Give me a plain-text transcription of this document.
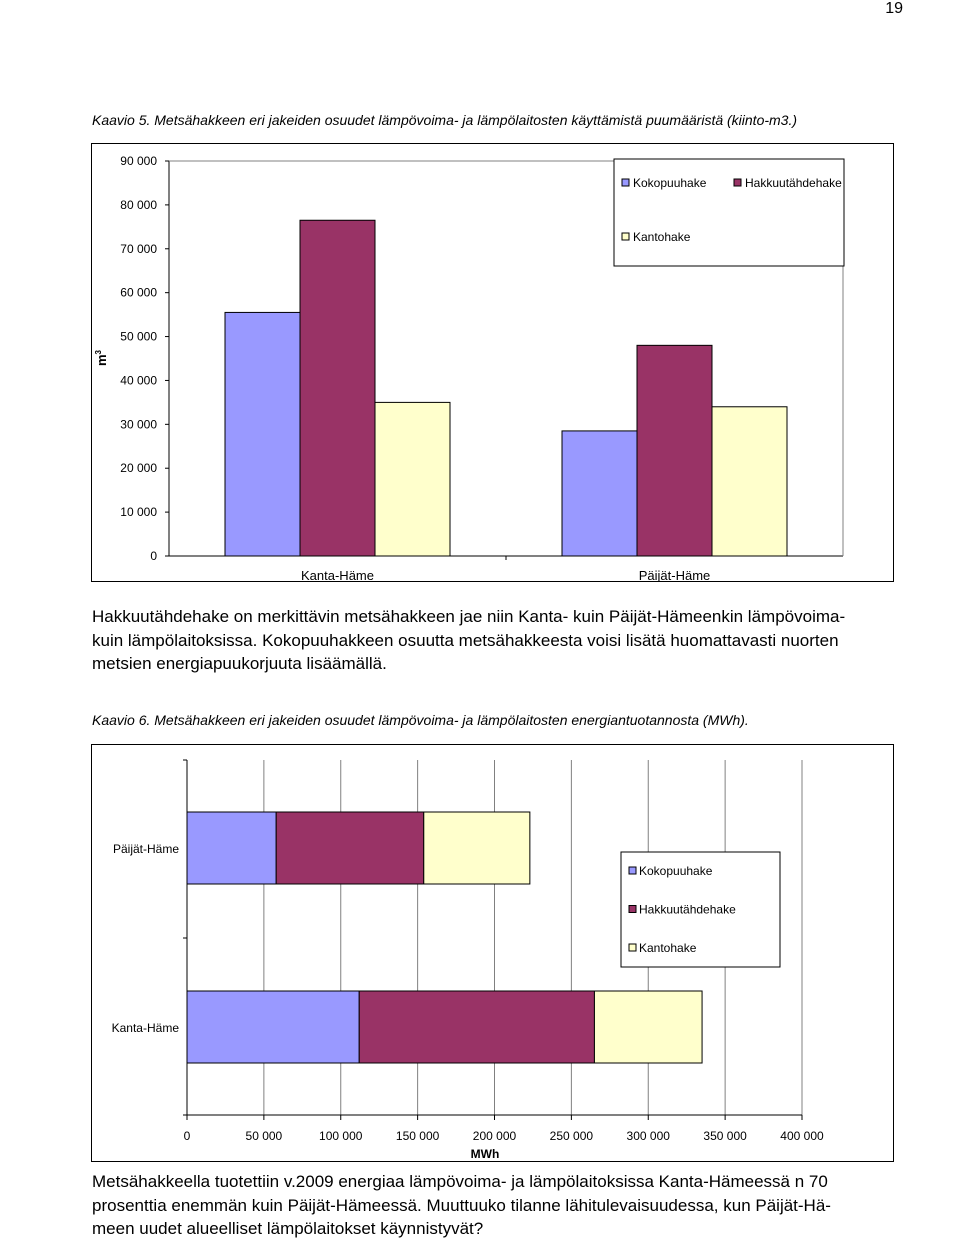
19
Kaavio 5. Metsähakkeen eri jakeiden osuudet lämpövoima- ja lämpölaitosten käyttämistä puumääristä (kiinto-m3.)
0
10 000
20 000
30 000
40 000
50 000
60 000
70 000
80 000
90 000
$m^3$
Kanta-Häme	Päijät-Häme
Kokopuuhake	Hakkuutähdehake
Kantohake
Hakkuutähdehake on merkittävin metsähakkeen jae niin Kanta- kuin Päijät-Hämeenkin lämpövoima-
kuin lämpölaitoksissa. Kokopuuhakkeen osuutta metsähakkeesta voisi lisätä huomattavasti nuorten
metsien energiapuukorjuuta lisäämällä.
Kaavio 6. Metsähakkeen eri jakeiden osuudet lämpövoima- ja lämpölaitosten energiantuotannosta (MWh).
0	50 000	100 000	150 000	200 000	250 000	300 000	350 000	400 000
MWh
Kanta-Häme
Päijät-Häme
Kokopuuhake
Hakkuutähdehake
Kantohake
Metsähakkeella tuotettiin v.2009 energiaa lämpövoima- ja lämpölaitoksissa Kanta-Hämeessä n 70
prosenttia enemmän kuin Päijät-Hämeessä. Muuttuuko tilanne lähitulevaisuudessa, kun Päijät-Hä-
meen uudet alueelliset lämpölaitokset käynnistyvät?
